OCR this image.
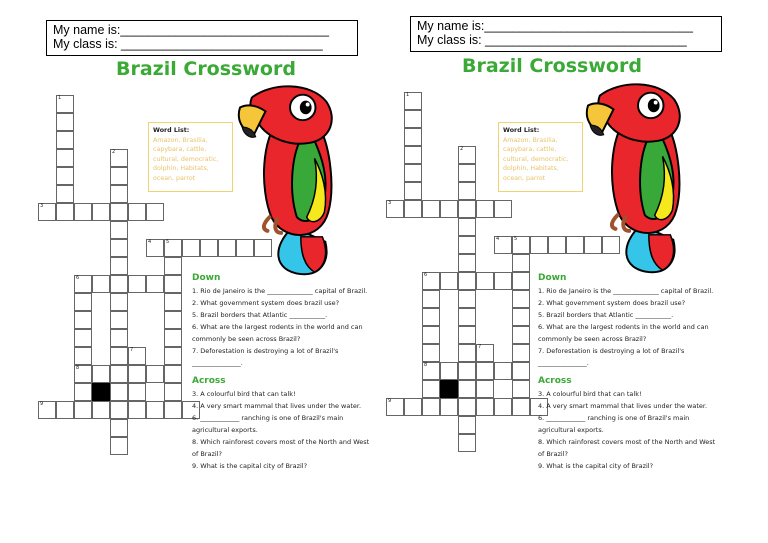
My name is:______________________________
My class is: _____________________________
Brazil Crossword
1
2
3
4	5
6
8
7
9
Word List:
Amazon, Brasilia, capybara, cattle, cultural, democratic, dolphin, Habitats, ocean, parrot
Down
1. Rio de Janeiro is the ______________ capital of Brazil.
2. What government system does brazil use?
5. Brazil borders that Atlantic ___________.
6. What are the largest rodents in the world and can commonly be seen across Brazil?
7. Deforestation is destroying a lot of Brazil's _______________.
Across
3. A colourful bird that can talk!
4. A very smart mammal that lives under the water.
6. ____________ ranching is one of Brazil's main agricultural exports.
8. Which rainforest covers most of the North and West of Brazil?
9. What is the capital city of Brazil?
My name is:______________________________
My class is: _____________________________
Brazil Crossword
1
2
3
4	5
6
8
7
9
Word List:
Amazon, Brasilia, capybara, cattle, cultural, democratic, dolphin, Habitats, ocean, parrot
Down
1. Rio de Janeiro is the ______________ capital of Brazil.
2. What government system does brazil use?
5. Brazil borders that Atlantic ___________.
6. What are the largest rodents in the world and can commonly be seen across Brazil?
7. Deforestation is destroying a lot of Brazil's _______________.
Across
3. A colourful bird that can talk!
4. A very smart mammal that lives under the water.
6. ____________ ranching is one of Brazil's main agricultural exports.
8. Which rainforest covers most of the North and West of Brazil?
9. What is the capital city of Brazil?
